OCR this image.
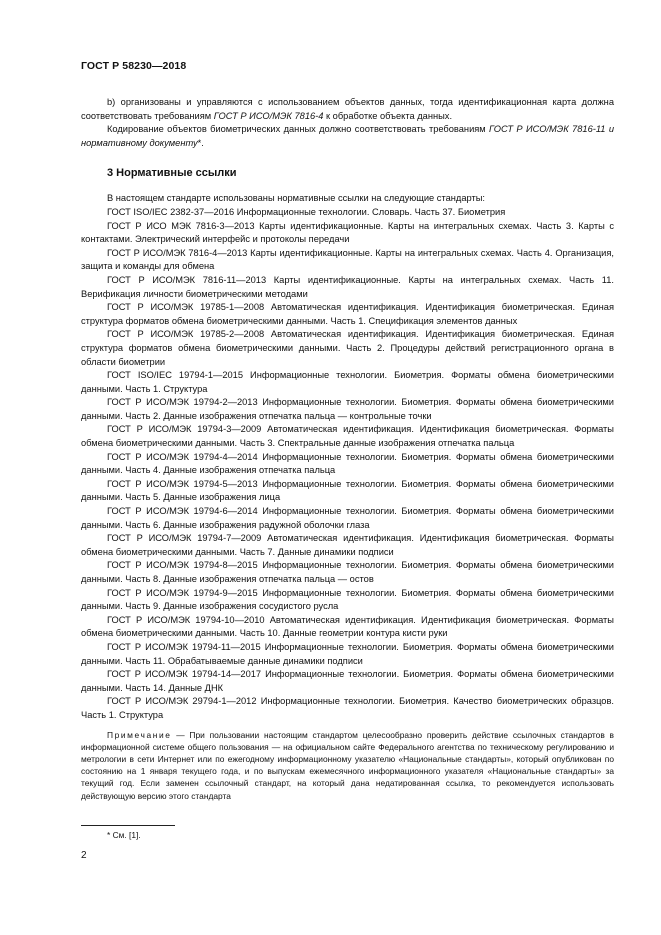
ГОСТ Р 58230—2018

b) организованы и управляются с использованием объектов данных, тогда идентификационная карта должна соответствовать требованиям ГОСТ Р ИСО/МЭК 7816-4 к обработке объекта данных.

Кодирование объектов биометрических данных должно соответствовать требованиям ГОСТ Р ИСО/МЭК 7816-11 и нормативному документу*.

3 Нормативные ссылки

В настоящем стандарте использованы нормативные ссылки на следующие стандарты:

ГОСТ ISO/IEC 2382-37—2016 Информационные технологии. Словарь. Часть 37. Биометрия

ГОСТ Р ИСО МЭК 7816-3—2013 Карты идентификационные. Карты на интегральных схемах. Часть 3. Карты с контактами. Электрический интерфейс и протоколы передачи

ГОСТ Р ИСО/МЭК 7816-4—2013 Карты идентификационные. Карты на интегральных схемах. Часть 4. Организация, защита и команды для обмена

ГОСТ Р ИСО/МЭК 7816-11—2013 Карты идентификационные. Карты на интегральных схемах. Часть 11. Верификация личности биометрическими методами

ГОСТ Р ИСО/МЭК 19785-1—2008 Автоматическая идентификация. Идентификация биометрическая. Единая структура форматов обмена биометрическими данными. Часть 1. Спецификация элементов данных

ГОСТ Р ИСО/МЭК 19785-2—2008 Автоматическая идентификация. Идентификация биометрическая. Единая структура форматов обмена биометрическими данными. Часть 2. Процедуры действий регистрационного органа в области биометрии

ГОСТ ISO/IEC 19794-1—2015 Информационные технологии. Биометрия. Форматы обмена биометрическими данными. Часть 1. Структура

ГОСТ Р ИСО/МЭК 19794-2—2013 Информационные технологии. Биометрия. Форматы обмена биометрическими данными. Часть 2. Данные изображения отпечатка пальца — контрольные точки

ГОСТ Р ИСО/МЭК 19794-3—2009 Автоматическая идентификация. Идентификация биометрическая. Форматы обмена биометрическими данными. Часть 3. Спектральные данные изображения отпечатка пальца

ГОСТ Р ИСО/МЭК 19794-4—2014 Информационные технологии. Биометрия. Форматы обмена биометрическими данными. Часть 4. Данные изображения отпечатка пальца

ГОСТ Р ИСО/МЭК 19794-5—2013 Информационные технологии. Биометрия. Форматы обмена биометрическими данными. Часть 5. Данные изображения лица

ГОСТ Р ИСО/МЭК 19794-6—2014 Информационные технологии. Биометрия. Форматы обмена биометрическими данными. Часть 6. Данные изображения радужной оболочки глаза

ГОСТ Р ИСО/МЭК 19794-7—2009 Автоматическая идентификация. Идентификация биометрическая. Форматы обмена биометрическими данными. Часть 7. Данные динамики подписи

ГОСТ Р ИСО/МЭК 19794-8—2015 Информационные технологии. Биометрия. Форматы обмена биометрическими данными. Часть 8. Данные изображения отпечатка пальца — остов

ГОСТ Р ИСО/МЭК 19794-9—2015 Информационные технологии. Биометрия. Форматы обмена биометрическими данными. Часть 9. Данные изображения сосудистого русла

ГОСТ Р ИСО/МЭК 19794-10—2010 Автоматическая идентификация. Идентификация биометрическая. Форматы обмена биометрическими данными. Часть 10. Данные геометрии контура кисти руки

ГОСТ Р ИСО/МЭК 19794-11—2015 Информационные технологии. Биометрия. Форматы обмена биометрическими данными. Часть 11. Обрабатываемые данные динамики подписи

ГОСТ Р ИСО/МЭК 19794-14—2017 Информационные технологии. Биометрия. Форматы обмена биометрическими данными. Часть 14. Данные ДНК

ГОСТ Р ИСО/МЭК 29794-1—2012 Информационные технологии. Биометрия. Качество биометрических образцов. Часть 1. Структура

Примечание — При пользовании настоящим стандартом целесообразно проверить действие ссылочных стандартов в информационной системе общего пользования — на официальном сайте Федерального агентства по техническому регулированию и метрологии в сети Интернет или по ежегодному информационному указателю «Национальные стандарты», который опубликован по состоянию на 1 января текущего года, и по выпускам ежемесячного информационного указателя «Национальные стандарты» за текущий год. Если заменен ссылочный стандарт, на который дана недатированная ссылка, то рекомендуется использовать действующую версию этого стандарта

* См. [1].
2
